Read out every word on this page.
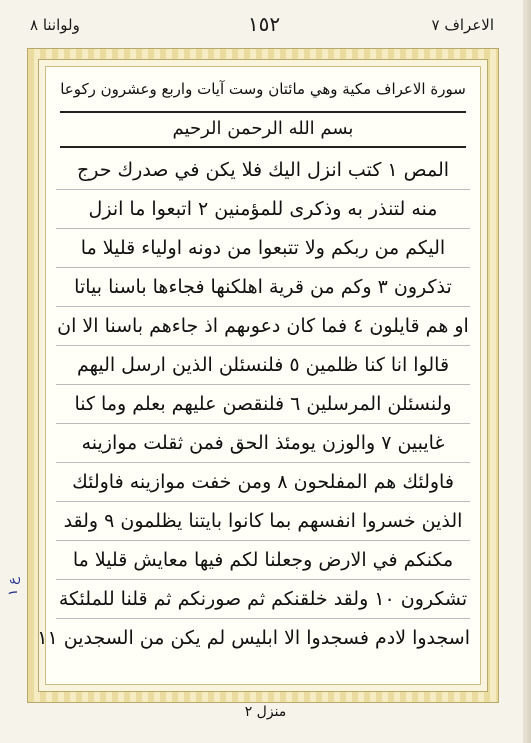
الاعراف ٧
١٥٢
ولواننا ٨
سورة الاعراف مكية وهي مائتان وست آيات واربع وعشرون ركوعا
بسم الله الرحمن الرحيم
المص ١ كتب انزل اليك فلا يكن في صدرك حرج
منه لتنذر به وذكرى للمؤمنين ٢ اتبعوا ما انزل
اليكم من ربكم ولا تتبعوا من دونه اولياء قليلا ما
تذكرون ٣ وكم من قرية اهلكنها فجاءها باسنا بياتا
او هم قايلون ٤ فما كان دعوىهم اذ جاءهم باسنا الا ان
قالوا انا كنا ظلمين ٥ فلنسئلن الذين ارسل اليهم
ولنسئلن المرسلين ٦ فلنقصن عليهم بعلم وما كنا
غايبين ٧ والوزن يومئذ الحق فمن ثقلت موازينه
فاولئك هم المفلحون ٨ ومن خفت موازينه فاولئك
الذين خسروا انفسهم بما كانوا بايتنا يظلمون ٩ ولقد
مكنكم في الارض وجعلنا لكم فيها معايش قليلا ما
تشكرون ١٠ ولقد خلقنكم ثم صورنكم ثم قلنا للملئكة
اسجدوا لادم فسجدوا الا ابليس لم يكن من السجدين ١١
ع ١
منزل ٢
